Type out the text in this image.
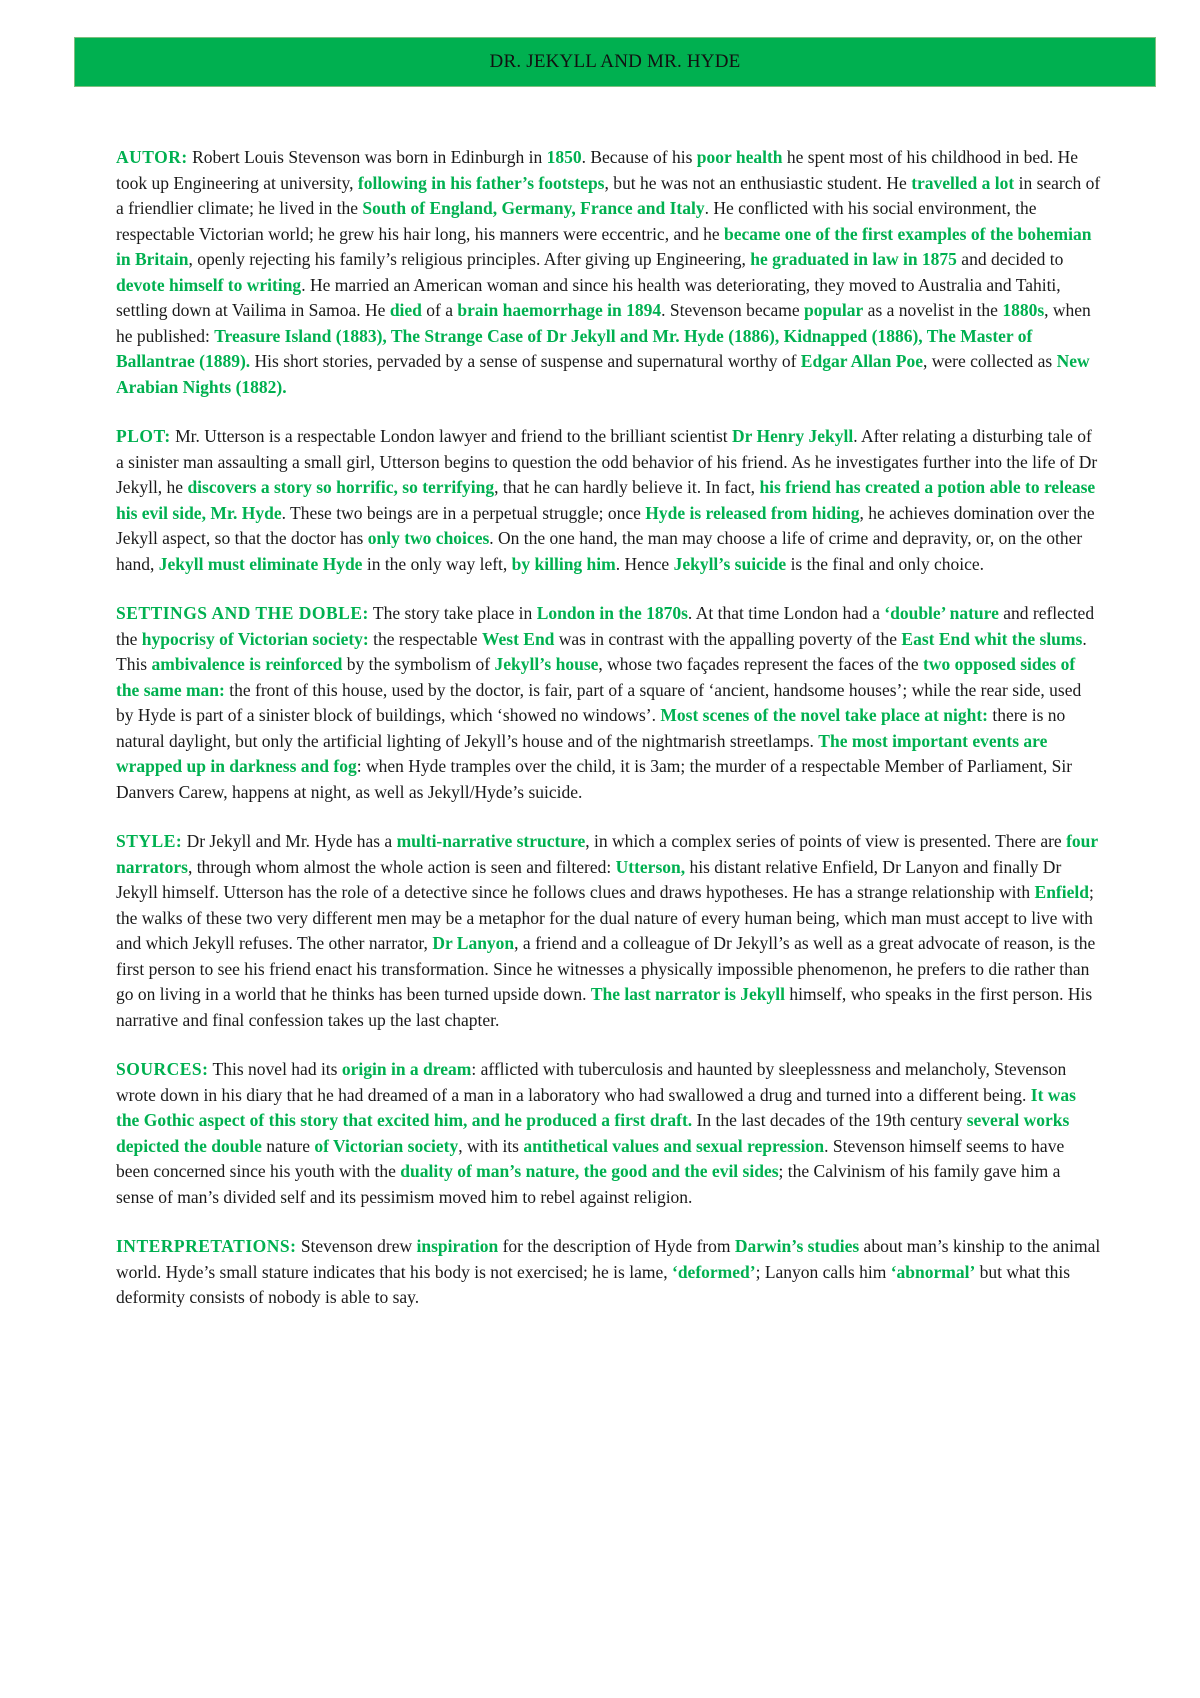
DR. JEKYLL AND MR. HYDE

AUTOR: Robert Louis Stevenson was born in Edinburgh in 1850. Because of his poor health he spent most of his childhood in bed. He took up Engineering at university, following in his father’s footsteps, but he was not an enthusiastic student. He travelled a lot in search of a friendlier climate; he lived in the South of England, Germany, France and Italy. He conflicted with his social environment, the respectable Victorian world; he grew his hair long, his manners were eccentric, and he became one of the first examples of the bohemian in Britain, openly rejecting his family’s religious principles. After giving up Engineering, he graduated in law in 1875 and decided to devote himself to writing. He married an American woman and since his health was deteriorating, they moved to Australia and Tahiti, settling down at Vailima in Samoa. He died of a brain haemorrhage in 1894. Stevenson became popular as a novelist in the 1880s, when he published: Treasure Island (1883), The Strange Case of Dr Jekyll and Mr. Hyde (1886), Kidnapped (1886), The Master of Ballantrae (1889). His short stories, pervaded by a sense of suspense and supernatural worthy of Edgar Allan Poe, were collected as New Arabian Nights (1882).

PLOT: Mr. Utterson is a respectable London lawyer and friend to the brilliant scientist Dr Henry Jekyll. After relating a disturbing tale of a sinister man assaulting a small girl, Utterson begins to question the odd behavior of his friend. As he investigates further into the life of Dr Jekyll, he discovers a story so horrific, so terrifying, that he can hardly believe it. In fact, his friend has created a potion able to release his evil side, Mr. Hyde. These two beings are in a perpetual struggle; once Hyde is released from hiding, he achieves domination over the Jekyll aspect, so that the doctor has only two choices. On the one hand, the man may choose a life of crime and depravity, or, on the other hand, Jekyll must eliminate Hyde in the only way left, by killing him. Hence Jekyll’s suicide is the final and only choice.

SETTINGS AND THE DOBLE: The story take place in London in the 1870s. At that time London had a ‘double’ nature and reflected the hypocrisy of Victorian society: the respectable West End was in contrast with the appalling poverty of the East End whit the slums. This ambivalence is reinforced by the symbolism of Jekyll’s house, whose two façades represent the faces of the two opposed sides of the same man: the front of this house, used by the doctor, is fair, part of a square of ‘ancient, handsome houses’; while the rear side, used by Hyde is part of a sinister block of buildings, which ‘showed no windows’. Most scenes of the novel take place at night: there is no natural daylight, but only the artificial lighting of Jekyll’s house and of the nightmarish streetlamps. The most important events are wrapped up in darkness and fog: when Hyde tramples over the child, it is 3am; the murder of a respectable Member of Parliament, Sir Danvers Carew, happens at night, as well as Jekyll/Hyde’s suicide.

STYLE: Dr Jekyll and Mr. Hyde has a multi-narrative structure, in which a complex series of points of view is presented. There are four narrators, through whom almost the whole action is seen and filtered: Utterson, his distant relative Enfield, Dr Lanyon and finally Dr Jekyll himself. Utterson has the role of a detective since he follows clues and draws hypotheses. He has a strange relationship with Enfield; the walks of these two very different men may be a metaphor for the dual nature of every human being, which man must accept to live with and which Jekyll refuses. The other narrator, Dr Lanyon, a friend and a colleague of Dr Jekyll’s as well as a great advocate of reason, is the first person to see his friend enact his transformation. Since he witnesses a physically impossible phenomenon, he prefers to die rather than go on living in a world that he thinks has been turned upside down. The last narrator is Jekyll himself, who speaks in the first person. His narrative and final confession takes up the last chapter.

SOURCES: This novel had its origin in a dream: afflicted with tuberculosis and haunted by sleeplessness and melancholy, Stevenson wrote down in his diary that he had dreamed of a man in a laboratory who had swallowed a drug and turned into a different being. It was the Gothic aspect of this story that excited him, and he produced a first draft. In the last decades of the 19th century several works depicted the double nature of Victorian society, with its antithetical values and sexual repression. Stevenson himself seems to have been concerned since his youth with the duality of man’s nature, the good and the evil sides; the Calvinism of his family gave him a sense of man’s divided self and its pessimism moved him to rebel against religion.

INTERPRETATIONS: Stevenson drew inspiration for the description of Hyde from Darwin’s studies about man’s kinship to the animal world. Hyde’s small stature indicates that his body is not exercised; he is lame, ‘deformed’; Lanyon calls him ‘abnormal’ but what this deformity consists of nobody is able to say.
